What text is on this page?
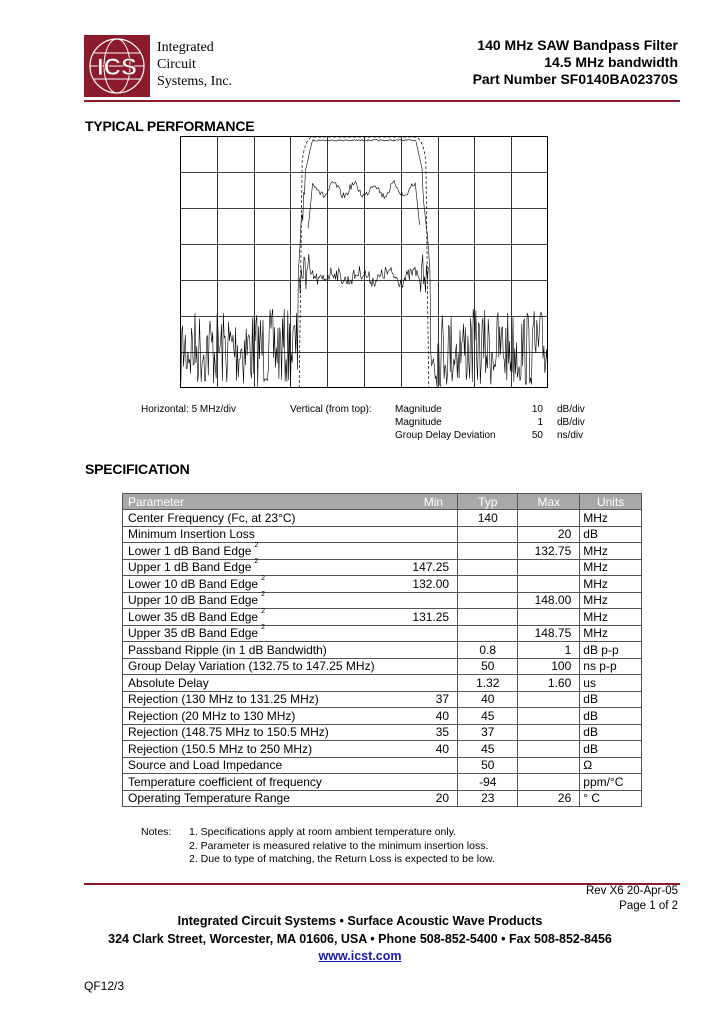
ICS
Integrated
Circuit
Systems, Inc.
140 MHz SAW Bandpass Filter
14.5 MHz bandwidth
Part Number SF0140BA02370S
TYPICAL PERFORMANCE
Horizontal: 5 MHz/div	Vertical (from top): Magnitude	10 dB/div
Magnitude	1 dB/div
Group Delay Deviation	50 ns/div
SPECIFICATION
Parameter	Min	Typ	Max	Units
Center Frequency (Fc, at 23°C)		140		MHz
Minimum Insertion Loss			20	dB
Lower 1 dB Band Edge $^2$			132.75	MHz
Upper 1 dB Band Edge $^2$	147.25			MHz
Lower 10 dB Band Edge $^2$	132.00			MHz
Upper 10 dB Band Edge $^2$			148.00	MHz
Lower 35 dB Band Edge $^2$	131.25			MHz
Upper 35 dB Band Edge $^2$			148.75	MHz
Passband Ripple (in 1 dB Bandwidth)		0.8	1	dB p-p
Group Delay Variation (132.75 to 147.25 MHz)		50	100	ns p-p
Absolute Delay		1.32	1.60	us
Rejection (130 MHz to 131.25 MHz)	37	40		dB
Rejection (20 MHz to 130 MHz)	40	45		dB
Rejection (148.75 MHz to 150.5 MHz)	35	37		dB
Rejection (150.5 MHz to 250 MHz)	40	45		dB
Source and Load Impedance		50		Ω
Temperature coefficient of frequency		-94		ppm/°C
Operating Temperature Range	20	23	26	° C
Notes: 1. Specifications apply at room ambient temperature only.
2. Parameter is measured relative to the minimum insertion loss.
2. Due to type of matching, the Return Loss is expected to be low.
Rev X6 20-Apr-05
Page 1 of 2
Integrated Circuit Systems • Surface Acoustic Wave Products
324 Clark Street, Worcester, MA 01606, USA • Phone 508-852-5400 • Fax 508-852-8456
www.icst.com
QF12/3
